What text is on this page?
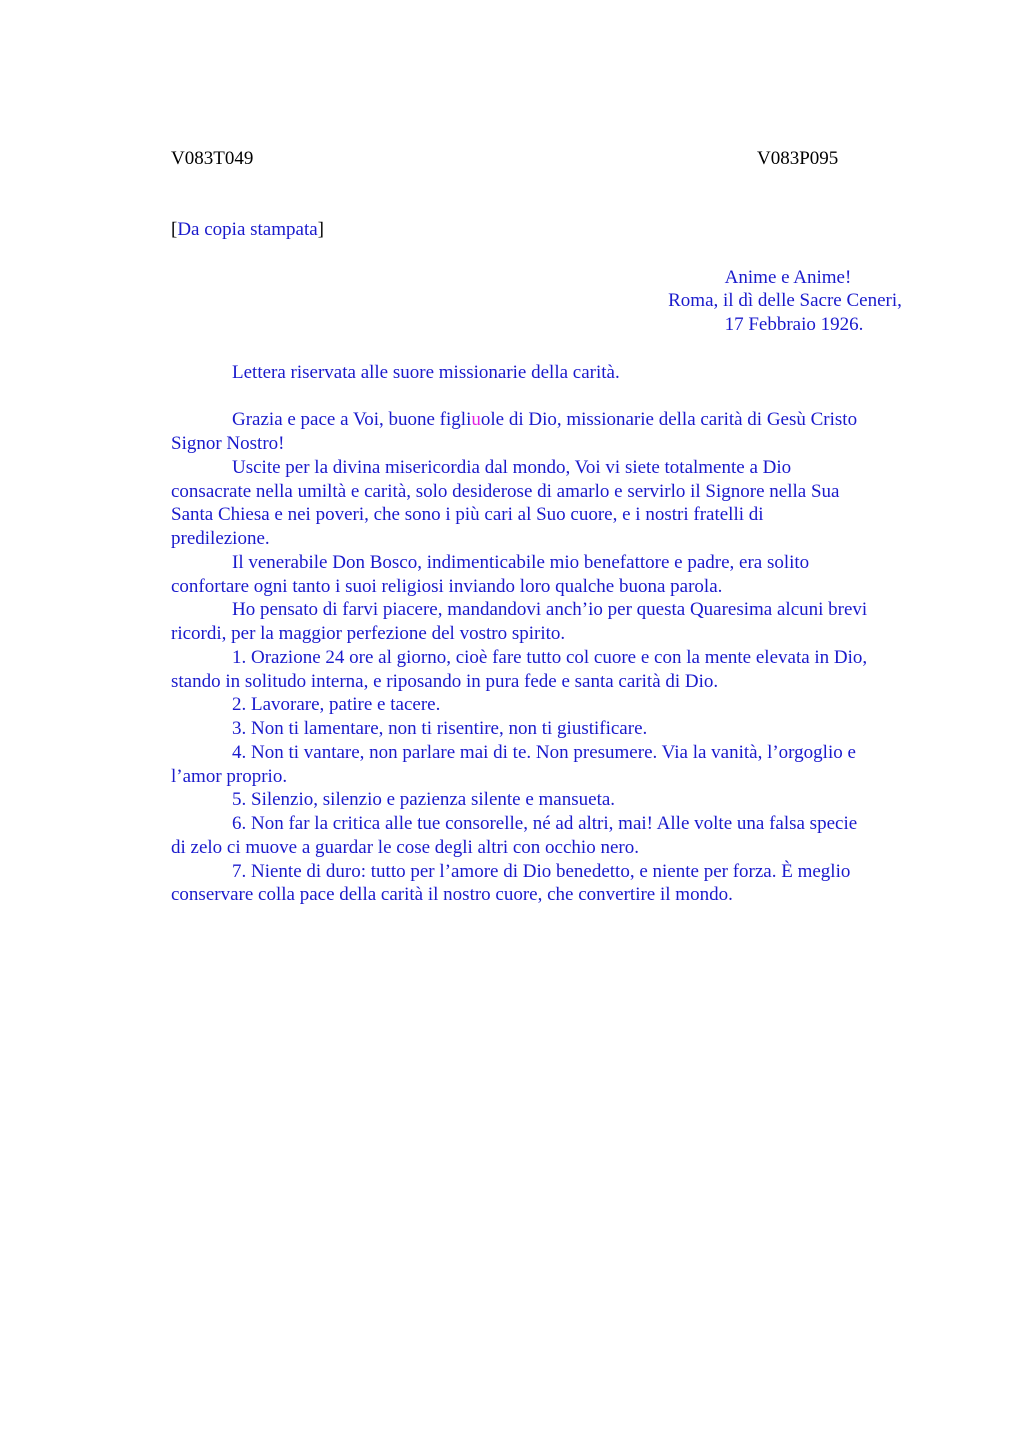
V083T049	V083P095
[Da copia stampata]
Anime e Anime!
Roma, il dì delle Sacre Ceneri,
17 Febbraio 1926.
Lettera riservata alle suore missionarie della carità.
Grazia e pace a Voi, buone figliuole di Dio, missionarie della carità di Gesù Cristo
Signor Nostro!
Uscite per la divina misericordia dal mondo, Voi vi siete totalmente a Dio
consacrate nella umiltà e carità, solo desiderose di amarlo e servirlo il Signore nella Sua
Santa Chiesa e nei poveri, che sono i più cari al Suo cuore, e i nostri fratelli di
predilezione.
Il venerabile Don Bosco, indimenticabile mio benefattore e padre, era solito
confortare ogni tanto i suoi religiosi inviando loro qualche buona parola.
Ho pensato di farvi piacere, mandandovi anch’io per questa Quaresima alcuni brevi
ricordi, per la maggior perfezione del vostro spirito.
1. Orazione 24 ore al giorno, cioè fare tutto col cuore e con la mente elevata in Dio,
stando in solitudo interna, e riposando in pura fede e santa carità di Dio.
2. Lavorare, patire e tacere.
3. Non ti lamentare, non ti risentire, non ti giustificare.
4. Non ti vantare, non parlare mai di te. Non presumere. Via la vanità, l’orgoglio e
l’amor proprio.
5. Silenzio, silenzio e pazienza silente e mansueta.
6. Non far la critica alle tue consorelle, né ad altri, mai! Alle volte una falsa specie
di zelo ci muove a guardar le cose degli altri con occhio nero.
7. Niente di duro: tutto per l’amore di Dio benedetto, e niente per forza. È meglio
conservare colla pace della carità il nostro cuore, che convertire il mondo.
